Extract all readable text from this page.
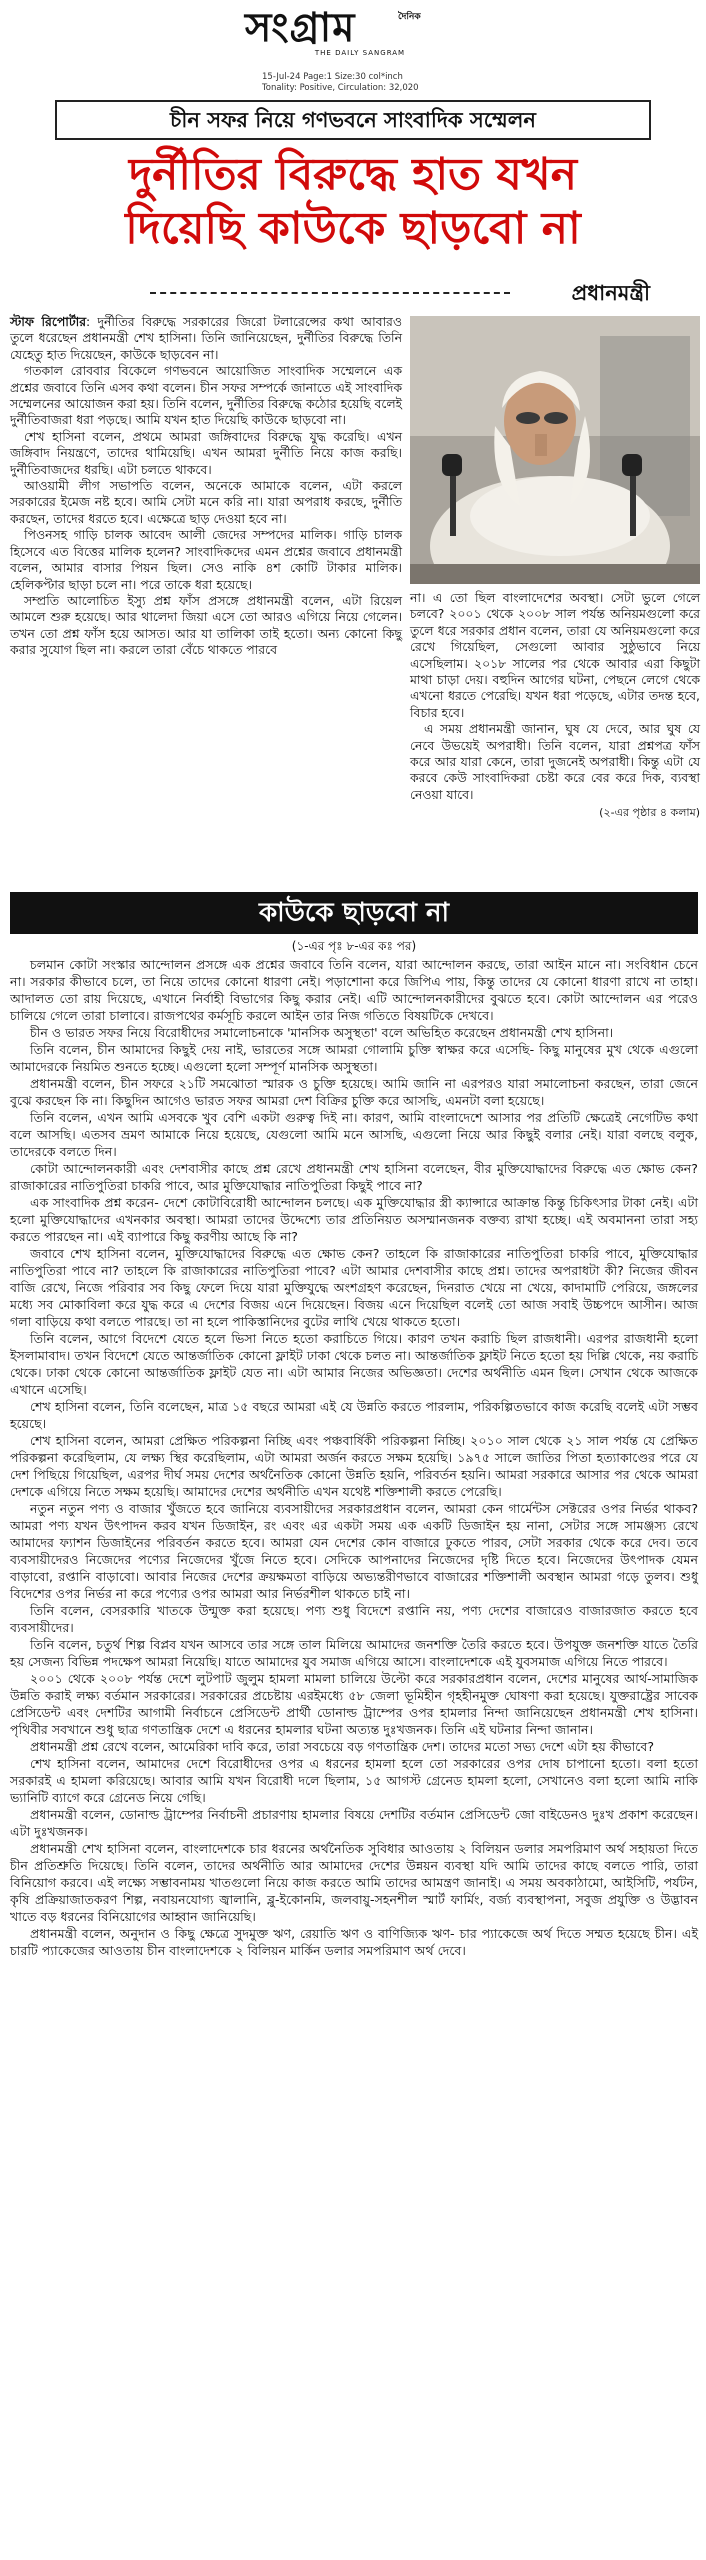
দৈনিক
সংগ্রাম
THE DAILY SANGRAM
15-Jul-24 Page:1 Size:30 col*inch
Tonality: Positive, Circulation: 32,020
চীন সফর নিয়ে গণভবনে সাংবাদিক সম্মেলন
দুর্নীতির বিরুদ্ধে হাত যখন
দিয়েছি কাউকে ছাড়বো না
প্রধানমন্ত্রী

স্টাফ রিপোর্টার: দুর্নীতির বিরুদ্ধে সরকারের জিরো টলারেন্সের কথা আবারও তুলে ধরেছেন প্রধানমন্ত্রী শেখ হাসিনা। তিনি জানিয়েছেন, দুর্নীতির বিরুদ্ধে তিনি যেহেতু হাত দিয়েছেন, কাউকে ছাড়বেন না।

গতকাল রোববার বিকেলে গণভবনে আয়োজিত সাংবাদিক সম্মেলনে এক প্রশ্নের জবাবে তিনি এসব কথা বলেন। চীন সফর সম্পর্কে জানাতে এই সাংবাদিক সম্মেলনের আয়োজন করা হয়। তিনি বলেন, দুর্নীতির বিরুদ্ধে কঠোর হয়েছি বলেই দুর্নীতিবাজরা ধরা পড়ছে। আমি যখন হাত দিয়েছি কাউকে ছাড়বো না।

শেখ হাসিনা বলেন, প্রথমে আমরা জঙ্গিবাদের বিরুদ্ধে যুদ্ধ করেছি। এখন জঙ্গিবাদ নিয়ন্ত্রণে, তাদের থামিয়েছি। এখন আমরা দুর্নীতি নিয়ে কাজ করছি। দুর্নীতিবাজদের ধরছি। এটা চলতে থাকবে।

আওয়ামী লীগ সভাপতি বলেন, অনেকে আমাকে বলেন, এটা করলে সরকারের ইমেজ নষ্ট হবে। আমি সেটা মনে করি না। যারা অপরাধ করছে, দুর্নীতি করছেন, তাদের ধরতে হবে। এক্ষেত্রে ছাড় দেওয়া হবে না।

পিওনসহ গাড়ি চালক আবেদ আলী জেদের সম্পদের মালিক। গাড়ি চালক হিসেবে এত বিত্তের মালিক হলেন? সাংবাদিকদের এমন প্রশ্নের জবাবে প্রধানমন্ত্রী বলেন, আমার বাসার পিয়ন ছিল। সেও নাকি ৪শ কোটি টাকার মালিক। হেলিকপ্টার ছাড়া চলে না। পরে তাকে ধরা হয়েছে।

সম্প্রতি আলোচিত ইস্যু প্রশ্ন ফাঁস প্রসঙ্গে প্রধানমন্ত্রী বলেন, এটা রিয়েল আমলে শুরু হয়েছে। আর থালেদা জিয়া এসে তো আরও এগিয়ে নিয়ে গেলেন। তখন তো প্রশ্ন ফাঁস হয়ে আসত। আর যা তালিকা তাই হতো। অন্য কোনো কিছু করার সুযোগ ছিল না। করলে তারা বেঁচে থাকতে পারবে

না। এ তো ছিল বাংলাদেশের অবস্থা। সেটা ভুলে গেলে চলবে? ২০০১ থেকে ২০০৮ সাল পর্যন্ত অনিয়মগুলো করে তুলে ধরে সরকার প্রধান বলেন, তারা যে অনিয়মগুলো করে রেখে গিয়েছিল, সেগুলো আবার সুষ্ঠুভাবে নিয়ে এসেছিলাম। ২০১৮ সালের পর থেকে আবার এরা কিছুটা মাথা চাড়া দেয়। বহুদিন আগের ঘটনা, পেছনে লেগে থেকে এখনো ধরতে পেরেছি। যখন ধরা পড়েছে, এটার তদন্ত হবে, বিচার হবে।

এ সময় প্রধানমন্ত্রী জানান, ঘুষ যে দেবে, আর ঘুষ যে নেবে উভয়েই অপরাধী। তিনি বলেন, যারা প্রশ্নপত্র ফাঁস করে আর যারা কেনে, তারা দুজনেই অপরাধী। কিন্তু এটা যে করবে কেউ সাংবাদিকরা চেষ্টা করে বের করে দিক, ব্যবস্থা নেওয়া যাবে।

(২-এর পৃষ্ঠার ৪ কলাম)
কাউকে ছাড়বো না
(১-এর পৃঃ ৮-এর কঃ পর)

চলমান কোটা সংস্কার আন্দোলন প্রসঙ্গে এক প্রশ্নের জবাবে তিনি বলেন, যারা আন্দোলন করছে, তারা আইন মানে না। সংবিধান চেনে না। সরকার কীভাবে চলে, তা নিয়ে তাদের কোনো ধারণা নেই। পড়াশোনা করে জিপিএ পায়, কিন্তু তাদের যে কোনো ধারণা রাখে না তাহা। আদালত তো রায় দিয়েছে, এখানে নির্বাহী বিভাগের কিছু করার নেই। এটি আন্দোলনকারীদের বুঝতে হবে। কোটা আন্দোলন এর পরেও চালিয়ে গেলে তারা চালাবে। রাজপথের কর্মসূচি করলে আইন তার নিজ গতিতে বিষয়টিকে দেখবে।

চীন ও ভারত সফর নিয়ে বিরোধীদের সমালোচনাকে 'মানসিক অসুস্থতা' বলে অভিহিত করেছেন প্রধানমন্ত্রী শেখ হাসিনা।

তিনি বলেন, চীন আমাদের কিছুই দেয় নাই, ভারতের সঙ্গে আমরা গোলামি চুক্তি স্বাক্ষর করে এসেছি- কিছু মানুষের মুখ থেকে এগুলো আমাদেরকে নিয়মিত শুনতে হচ্ছে। এগুলো হলো সম্পূর্ণ মানসিক অসুস্থতা।

প্রধানমন্ত্রী বলেন, চীন সফরে ২১টি সমঝোতা স্মারক ও চুক্তি হয়েছে। আমি জানি না এরপরও যারা সমালোচনা করছেন, তারা জেনে বুঝে করছেন কি না। কিছুদিন আগেও ভারত সফর আমরা দেশ বিক্রির চুক্তি করে আসছি, এমনটা বলা হয়েছে।

তিনি বলেন, এখন আমি এসবকে খুব বেশি একটা গুরুত্ব দিই না। কারণ, আমি বাংলাদেশে আসার পর প্রতিটি ক্ষেত্রেই নেগেটিভ কথা বলে আসছি। এতসব ভ্রমণ আমাকে নিয়ে হয়েছে, যেগুলো আমি মনে আসছি, এগুলো নিয়ে আর কিছুই বলার নেই। যারা বলছে বলুক, তাদেরকে বলতে দিন।

কোটা আন্দোলনকারী এবং দেশবাসীর কাছে প্রশ্ন রেখে প্রধানমন্ত্রী শেখ হাসিনা বলেছেন, বীর মুক্তিযোদ্ধাদের বিরুদ্ধে এত ক্ষোভ কেন? রাজাকারের নাতিপুতিরা চাকরি পাবে, আর মুক্তিযোদ্ধার নাতিপুতিরা কিছুই পাবে না?

এক সাংবাদিক প্রশ্ন করেন- দেশে কোটাবিরোধী আন্দোলন চলছে। এক মুক্তিযোদ্ধার স্ত্রী ক্যান্সারে আক্রান্ত কিন্তু চিকিৎসার টাকা নেই। এটা হলো মুক্তিযোদ্ধাদের এখনকার অবস্থা। আমরা তাদের উদ্দেশ্যে তার প্রতিনিয়ত অসম্মানজনক বক্তব্য রাখা হচ্ছে। এই অবমাননা তারা সহ্য করতে পারছেন না। এই ব্যাপারে কিছু করণীয় আছে কি না?

জবাবে শেখ হাসিনা বলেন, মুক্তিযোদ্ধাদের বিরুদ্ধে এত ক্ষোভ কেন? তাহলে কি রাজাকারের নাতিপুতিরা চাকরি পাবে, মুক্তিযোদ্ধার নাতিপুতিরা পাবে না? তাহলে কি রাজাকারের নাতিপুতিরা পাবে? এটা আমার দেশবাসীর কাছে প্রশ্ন। তাদের অপরাধটা কী? নিজের জীবন বাজি রেখে, নিজে পরিবার সব কিছু ফেলে দিয়ে যারা মুক্তিযুদ্ধে অংশগ্রহণ করেছেন, দিনরাত খেয়ে না খেয়ে, কাদামাটি পেরিয়ে, জঙ্গলের মধ্যে সব মোকাবিলা করে যুদ্ধ করে এ দেশের বিজয় এনে দিয়েছেন। বিজয় এনে দিয়েছিল বলেই তো আজ সবাই উচ্চপদে আসীন। আজ গলা বাড়িয়ে কথা বলতে পারছে। তা না হলে পাকিস্তানিদের বুটের লাথি খেয়ে থাকতে হতো।

তিনি বলেন, আগে বিদেশে যেতে হলে ভিসা নিতে হতো করাচিতে গিয়ে। কারণ তখন করাচি ছিল রাজধানী। এরপর রাজধানী হলো ইসলামাবাদ। তখন বিদেশে যেতে আন্তর্জাতিক কোনো ফ্লাইট ঢাকা থেকে চলত না। আন্তর্জাতিক ফ্লাইট নিতে হতো হয় দিল্লি থেকে, নয় করাচি থেকে। ঢাকা থেকে কোনো আন্তর্জাতিক ফ্লাইট যেত না। এটা আমার নিজের অভিজ্ঞতা। দেশের অর্থনীতি এমন ছিল। সেখান থেকে আজকে এখানে এসেছি।

শেখ হাসিনা বলেন, তিনি বলেছেন, মাত্র ১৫ বছরে আমরা এই যে উন্নতি করতে পারলাম, পরিকল্পিতভাবে কাজ করেছি বলেই এটা সম্ভব হয়েছে।

শেখ হাসিনা বলেন, আমরা প্রেক্ষিত পরিকল্পনা নিচ্ছি এবং পঞ্চবার্ষিকী পরিকল্পনা নিচ্ছি। ২০১০ সাল থেকে ২১ সাল পর্যন্ত যে প্রেক্ষিত পরিকল্পনা করেছিলাম, যে লক্ষ্য স্থির করেছিলাম, এটা আমরা অর্জন করতে সক্ষম হয়েছি। ১৯৭৫ সালে জাতির পিতা হত্যাকাণ্ডের পরে যে দেশ পিছিয়ে গিয়েছিল, এরপর দীর্ঘ সময় দেশের অর্থনৈতিক কোনো উন্নতি হয়নি, পরিবর্তন হয়নি। আমরা সরকারে আসার পর থেকে আমরা দেশকে এগিয়ে নিতে সক্ষম হয়েছি। আমাদের দেশের অর্থনীতি এখন যথেষ্ট শক্তিশালী করতে পেরেছি।

নতুন নতুন পণ্য ও বাজার খুঁজতে হবে জানিয়ে ব্যবসায়ীদের সরকারপ্রধান বলেন, আমরা কেন গার্মেন্টস সেক্টরের ওপর নির্ভর থাকব? আমরা পণ্য যখন উৎপাদন করব যখন ডিজাইন, রং এবং এর একটা সময় এক একটি ডিজাইন হয় নানা, সেটার সঙ্গে সামঞ্জস্য রেখে আমাদের ফ্যাশন ডিজাইনের পরিবর্তন করতে হবে। আমরা যেন দেশের কোন বাজারে ঢুকতে পারব, সেটা সরকার থেকে করে দেব। তবে ব্যবসায়ীদেরও নিজেদের পণ্যের নিজেদের খুঁজে নিতে হবে। সেদিকে আপনাদের নিজেদের দৃষ্টি দিতে হবে। নিজেদের উৎপাদক যেমন বাড়াবো, রপ্তানি বাড়াবো। আবার নিজের দেশের ক্রয়ক্ষমতা বাড়িয়ে অভ্যন্তরীণভাবে বাজারের শক্তিশালী অবস্থান আমরা গড়ে তুলব। শুধু বিদেশের ওপর নির্ভর না করে পণ্যের ওপর আমরা আর নির্ভরশীল থাকতে চাই না।

তিনি বলেন, বেসরকারি খাতকে উন্মুক্ত করা হয়েছে। পণ্য শুধু বিদেশে রপ্তানি নয়, পণ্য দেশের বাজারেও বাজারজাত করতে হবে ব্যবসায়ীদের।

তিনি বলেন, চতুর্থ শিল্প বিপ্লব যখন আসবে তার সঙ্গে তাল মিলিয়ে আমাদের জনশক্তি তৈরি করতে হবে। উপযুক্ত জনশক্তি যাতে তৈরি হয় সেজন্য বিভিন্ন পদক্ষেপ আমরা নিয়েছি। যাতে আমাদের যুব সমাজ এগিয়ে আসে। বাংলাদেশকে এই যুবসমাজ এগিয়ে নিতে পারবে।

২০০১ থেকে ২০০৮ পর্যন্ত দেশে লুটপাট জুলুম হামলা মামলা চালিয়ে উল্টো করে সরকারপ্রধান বলেন, দেশের মানুষের আর্থ-সামাজিক উন্নতি করাই লক্ষ্য বর্তমান সরকারের। সরকারের প্রচেষ্টায় এরইমধ্যে ৫৮ জেলা ভূমিহীন গৃহহীনমুক্ত ঘোষণা করা হয়েছে। যুক্তরাষ্ট্রের সাবেক প্রেসিডেন্ট এবং দেশটির আগামী নির্বাচনে প্রেসিডেন্ট প্রার্থী ডোনাল্ড ট্রাম্পের ওপর হামলার নিন্দা জানিয়েছেন প্রধানমন্ত্রী শেখ হাসিনা। পৃথিবীর সবখানে শুধু ছাত্র গণতান্ত্রিক দেশে এ ধরনের হামলার ঘটনা অত্যন্ত দুঃখজনক। তিনি এই ঘটনার নিন্দা জানান।

প্রধানমন্ত্রী প্রশ্ন রেখে বলেন, আমেরিকা দাবি করে, তারা সবচেয়ে বড় গণতান্ত্রিক দেশ। তাদের মতো সভ্য দেশে এটা হয় কীভাবে?

শেখ হাসিনা বলেন, আমাদের দেশে বিরোধীদের ওপর এ ধরনের হামলা হলে তো সরকারের ওপর দোষ চাপানো হতো। বলা হতো সরকারই এ হামলা করিয়েছে। আবার আমি যখন বিরোধী দলে ছিলাম, ১৫ আগস্ট গ্রেনেড হামলা হলো, সেখানেও বলা হলো আমি নাকি ভ্যানিটি ব্যাগে করে গ্রেনেড নিয়ে গেছি।

প্রধানমন্ত্রী বলেন, ডোনাল্ড ট্রাম্পের নির্বাচনী প্রচারণায় হামলার বিষয়ে দেশটির বর্তমান প্রেসিডেন্ট জো বাইডেনও দুঃখ প্রকাশ করেছেন। এটা দুঃখজনক।

প্রধানমন্ত্রী শেখ হাসিনা বলেন, বাংলাদেশকে চার ধরনের অর্থনৈতিক সুবিধার আওতায় ২ বিলিয়ন ডলার সমপরিমাণ অর্থ সহায়তা দিতে চীন প্রতিশ্রুতি দিয়েছে। তিনি বলেন, তাদের অর্থনীতি আর আমাদের দেশের উন্নয়ন ব্যবস্থা যদি আমি তাদের কাছে বলতে পারি, তারা বিনিয়োগ করবে। এই লক্ষ্যে সম্ভাবনাময় খাতগুলো নিয়ে কাজ করতে আমি তাদের আমন্ত্রণ জানাই। এ সময় অবকাঠামো, আইসিটি, পর্যটন, কৃষি প্রক্রিয়াজাতকরণ শিল্প, নবায়নযোগ্য জ্বালানি, ব্লু-ইকোনমি, জলবায়ু-সহনশীল স্মার্ট ফার্মিং, বর্জ্য ব্যবস্থাপনা, সবুজ প্রযুক্তি ও উদ্ভাবন খাতে বড় ধরনের বিনিয়োগের আহ্বান জানিয়েছি।

প্রধানমন্ত্রী বলেন, অনুদান ও কিছু ক্ষেত্রে সুদমুক্ত ঋণ, রেয়াতি ঋণ ও বাণিজ্যিক ঋণ- চার প্যাকেজে অর্থ দিতে সম্মত হয়েছে চীন। এই চারটি প্যাকেজের আওতায় চীন বাংলাদেশকে ২ বিলিয়ন মার্কিন ডলার সমপরিমাণ অর্থ দেবে।
